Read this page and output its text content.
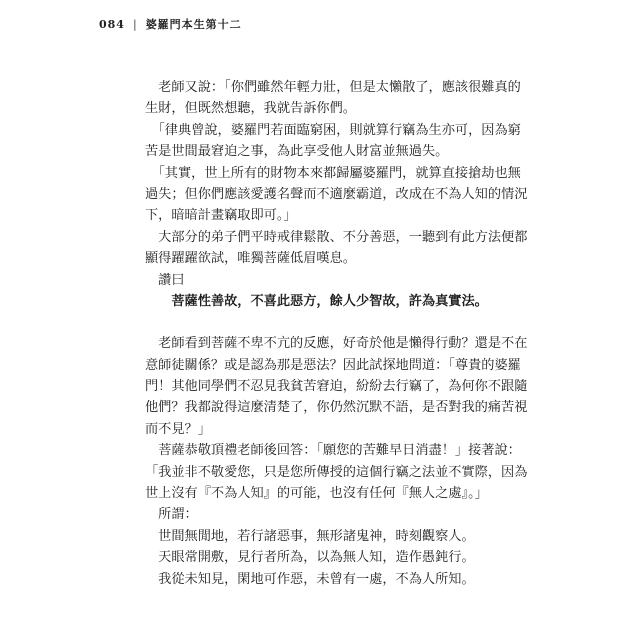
084 | 婆羅門本生第十二
　老師又說：「你們雖然年輕力壯，但是太懶散了，應該很難真的
生財，但既然想聽，我就告訴你們。
　「律典曾說，婆羅門若面臨窮困，則就算行竊為生亦可，因為窮
苦是世間最窘迫之事，為此享受他人財富並無過失。
　「其實，世上所有的財物本來都歸屬婆羅門，就算直接搶劫也無
過失；但你們應該愛護名聲而不適麼霸道，改成在不為人知的情況
下，暗暗計畫竊取即可。」
　大部分的弟子們平時戒律鬆散、不分善惡，一聽到有此方法便都
顯得躍躍欲試，唯獨菩薩低眉嘆息。
　讚曰
　　菩薩性善故，不喜此惡方，餘人少智故，許為真實法。
　老師看到菩薩不卑不亢的反應，好奇於他是懶得行動？還是不在
意師徒關係？或是認為那是惡法？因此試探地問道：「尊貴的婆羅
門！其他同學們不忍見我貧苦窘迫，紛紛去行竊了，為何你不跟隨
他們？我都說得這麼清楚了，你仍然沉默不語，是否對我的痛苦視
而不見？」
　菩薩恭敬頂禮老師後回答：「願您的苦難早日消盡！」接著說：
「我並非不敬愛您，只是您所傳授的這個行竊之法並不實際，因為
世上沒有『不為人知』的可能，也沒有任何『無人之處』。」
　所謂：
　世間無閒地，若行諸惡事，無形諸鬼神，時刻觀察人。
　天眼常開敷，見行者所為，以為無人知，造作愚鈍行。
　我從未知見，閑地可作惡，未曾有一處，不為人所知。
